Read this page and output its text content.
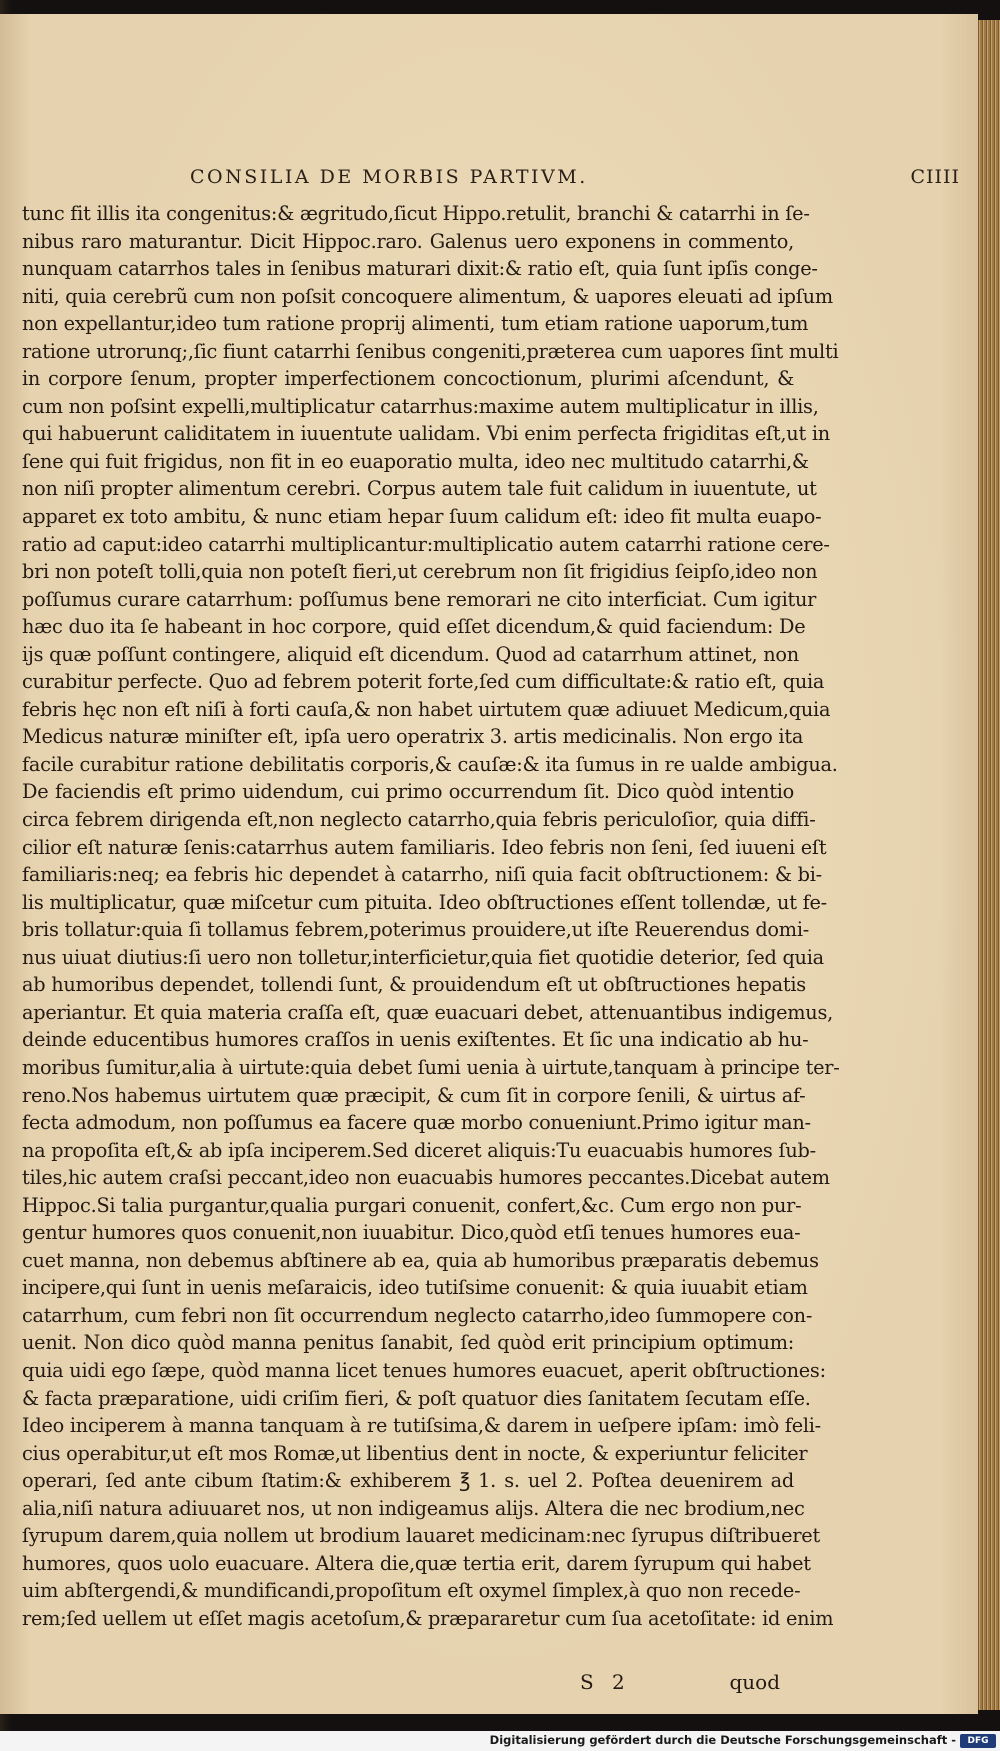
CONSILIA DE MORBIS PARTIVM.	CIIII
tunc fit illis ita congenitus:& ægritudo,ſicut Hippo.retulit, branchi & catarrhi in ſe-
nibus raro maturantur. Dicit Hippoc.raro. Galenus uero exponens in commento,
nunquam catarrhos tales in ſenibus maturari dixit:& ratio eſt, quia ſunt ipſis conge-
niti, quia cerebrũ cum non poſsit concoquere alimentum, & uapores eleuati ad ipſum
non expellantur,ideo tum ratione proprij alimenti, tum etiam ratione uaporum,tum
ratione utrorunq;,ſic fiunt catarrhi ſenibus congeniti,præterea cum uapores ſint multi
in corpore ſenum, propter imperfectionem concoctionum, plurimi aſcendunt, &
cum non poſsint expelli,multiplicatur catarrhus:maxime autem multiplicatur in illis,
qui habuerunt caliditatem in iuuentute ualidam. Vbi enim perfecta frigiditas eſt,ut in
ſene qui fuit frigidus, non fit in eo euaporatio multa, ideo nec multitudo catarrhi,&
non niſi propter alimentum cerebri. Corpus autem tale fuit calidum in iuuentute, ut
apparet ex toto ambitu, & nunc etiam hepar ſuum calidum eſt: ideo fit multa euapo-
ratio ad caput:ideo catarrhi multiplicantur:multiplicatio autem catarrhi ratione cere-
bri non poteſt tolli,quia non poteſt fieri,ut cerebrum non ſit frigidius ſeipſo,ideo non
poſſumus curare catarrhum: poſſumus bene remorari ne cito interficiat. Cum igitur
hæc duo ita ſe habeant in hoc corpore, quid eſſet dicendum,& quid faciendum: De
ijs quæ poſſunt contingere, aliquid eſt dicendum. Quod ad catarrhum attinet, non
curabitur perfecte. Quo ad febrem poterit forte,ſed cum difficultate:& ratio eſt, quia
febris hęc non eſt niſi à forti cauſa,& non habet uirtutem quæ adiuuet Medicum,quia
Medicus naturæ miniſter eſt, ipſa uero operatrix 3. artis medicinalis. Non ergo ita
facile curabitur ratione debilitatis corporis,& cauſæ:& ita ſumus in re ualde ambigua.
De faciendis eſt primo uidendum, cui primo occurrendum ſit. Dico quòd intentio
circa febrem dirigenda eſt,non neglecto catarrho,quia febris periculoſior, quia diffi-
cilior eſt naturæ ſenis:catarrhus autem familiaris. Ideo febris non ſeni, ſed iuueni eſt
familiaris:neq; ea febris hic dependet à catarrho, niſi quia facit obſtructionem: & bi-
lis multiplicatur, quæ miſcetur cum pituita. Ideo obſtructiones eſſent tollendæ, ut fe-
bris tollatur:quia ſi tollamus febrem,poterimus prouidere,ut iſte Reuerendus domi-
nus uiuat diutius:ſi uero non tolletur,interficietur,quia fiet quotidie deterior, ſed quia
ab humoribus dependet, tollendi ſunt, & prouidendum eſt ut obſtructiones hepatis
aperiantur. Et quia materia craſſa eſt, quæ euacuari debet, attenuantibus indigemus,
deinde educentibus humores craſſos in uenis exiſtentes. Et ſic una indicatio ab hu-
moribus ſumitur,alia à uirtute:quia debet ſumi uenia à uirtute,tanquam à principe ter-
reno.Nos habemus uirtutem quæ præcipit, & cum ſit in corpore ſenili, & uirtus af-
fecta admodum, non poſſumus ea facere quæ morbo conueniunt.Primo igitur man-
na propoſita eſt,& ab ipſa inciperem.Sed diceret aliquis:Tu euacuabis humores ſub-
tiles,hic autem craſsi peccant,ideo non euacuabis humores peccantes.Dicebat autem
Hippoc.Si talia purgantur,qualia purgari conuenit, confert,&c. Cum ergo non pur-
gentur humores quos conuenit,non iuuabitur. Dico,quòd etſi tenues humores eua-
cuet manna, non debemus abſtinere ab ea, quia ab humoribus præparatis debemus
incipere,qui ſunt in uenis meſaraicis, ideo tutiſsime conuenit: & quia iuuabit etiam
catarrhum, cum febri non ſit occurrendum neglecto catarrho,ideo ſummopere con-
uenit. Non dico quòd manna penitus ſanabit, ſed quòd erit principium optimum:
quia uidi ego ſæpe, quòd manna licet tenues humores euacuet, aperit obſtructiones:
& facta præparatione, uidi criſim fieri, & poſt quatuor dies ſanitatem ſecutam eſſe.
Ideo inciperem à manna tanquam à re tutiſsima,& darem in ueſpere ipſam: imò feli-
cius operabitur,ut eſt mos Romæ,ut libentius dent in nocte, & experiuntur feliciter
operari, ſed ante cibum ſtatim:& exhiberem ℥ 1. s. uel 2. Poſtea deuenirem ad
alia,niſi natura adiuuaret nos, ut non indigeamus alijs. Altera die nec brodium,nec
ſyrupum darem,quia nollem ut brodium lauaret medicinam:nec ſyrupus diſtribueret
humores, quos uolo euacuare. Altera die,quæ tertia erit, darem ſyrupum qui habet
uim abſtergendi,& mundificandi,propoſitum eſt oxymel ſimplex,à quo non recede-
rem;ſed uellem ut eſſet magis acetoſum,& præpararetur cum ſua acetoſitate: id enim
S 2	quod
Digitalisierung gefördert durch die Deutsche Forschungsgemeinschaft -	DFG
